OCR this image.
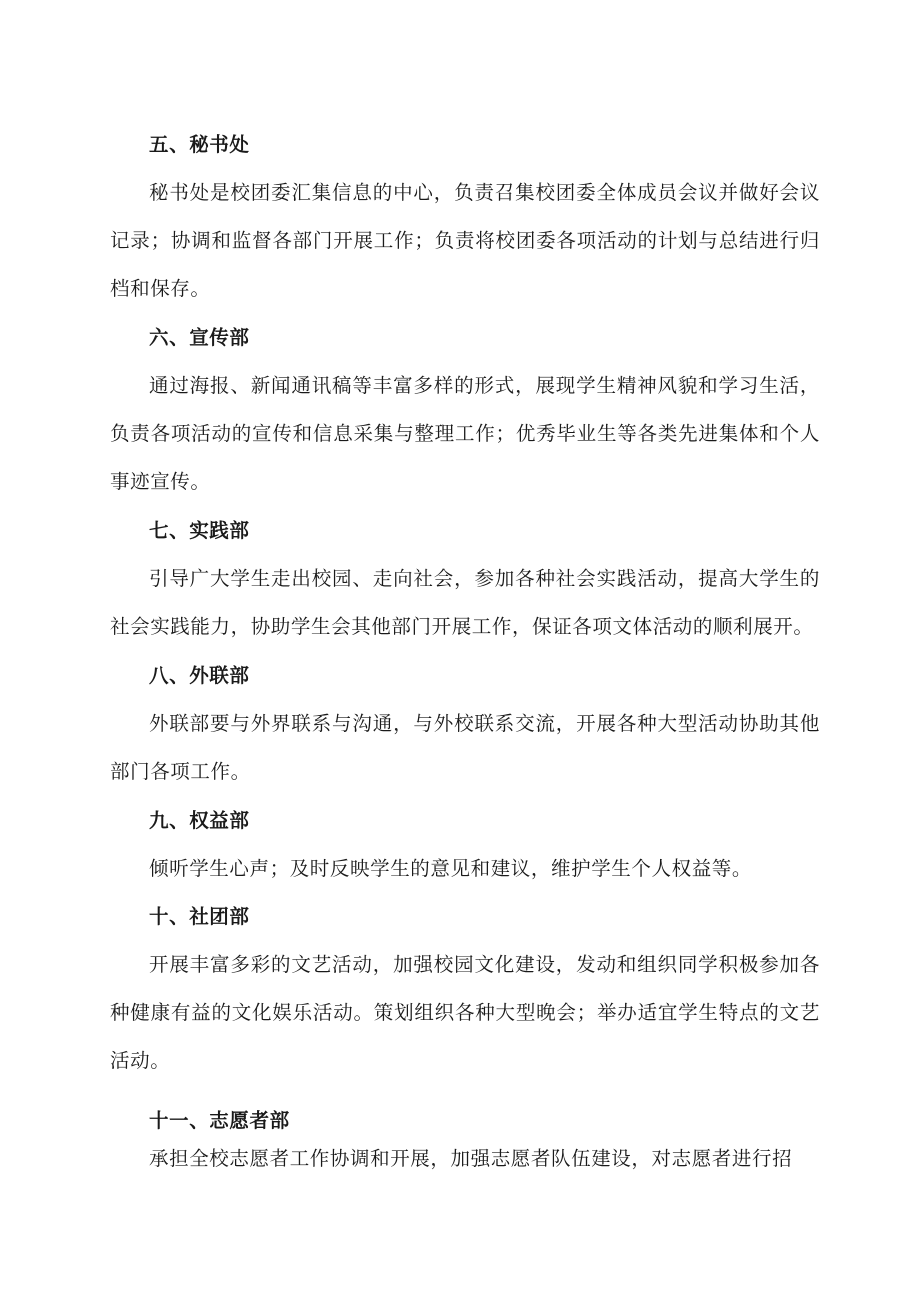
五、秘书处

秘书处是校团委汇集信息的中心，负责召集校团委全体成员会议并做好会议记录；协调和监督各部门开展工作；负责将校团委各项活动的计划与总结进行归档和保存。

六、宣传部

通过海报、新闻通讯稿等丰富多样的形式，展现学生精神风貌和学习生活，负责各项活动的宣传和信息采集与整理工作；优秀毕业生等各类先进集体和个人事迹宣传。

七、实践部

引导广大学生走出校园、走向社会，参加各种社会实践活动，提高大学生的社会实践能力，协助学生会其他部门开展工作，保证各项文体活动的顺利展开。

八、外联部

外联部要与外界联系与沟通，与外校联系交流，开展各种大型活动协助其他部门各项工作。

九、权益部

倾听学生心声；及时反映学生的意见和建议，维护学生个人权益等。

十、社团部

开展丰富多彩的文艺活动，加强校园文化建设，发动和组织同学积极参加各种健康有益的文化娱乐活动。策划组织各种大型晚会；举办适宜学生特点的文艺活动。

十一、志愿者部

承担全校志愿者工作协调和开展，加强志愿者队伍建设，对志愿者进行招
